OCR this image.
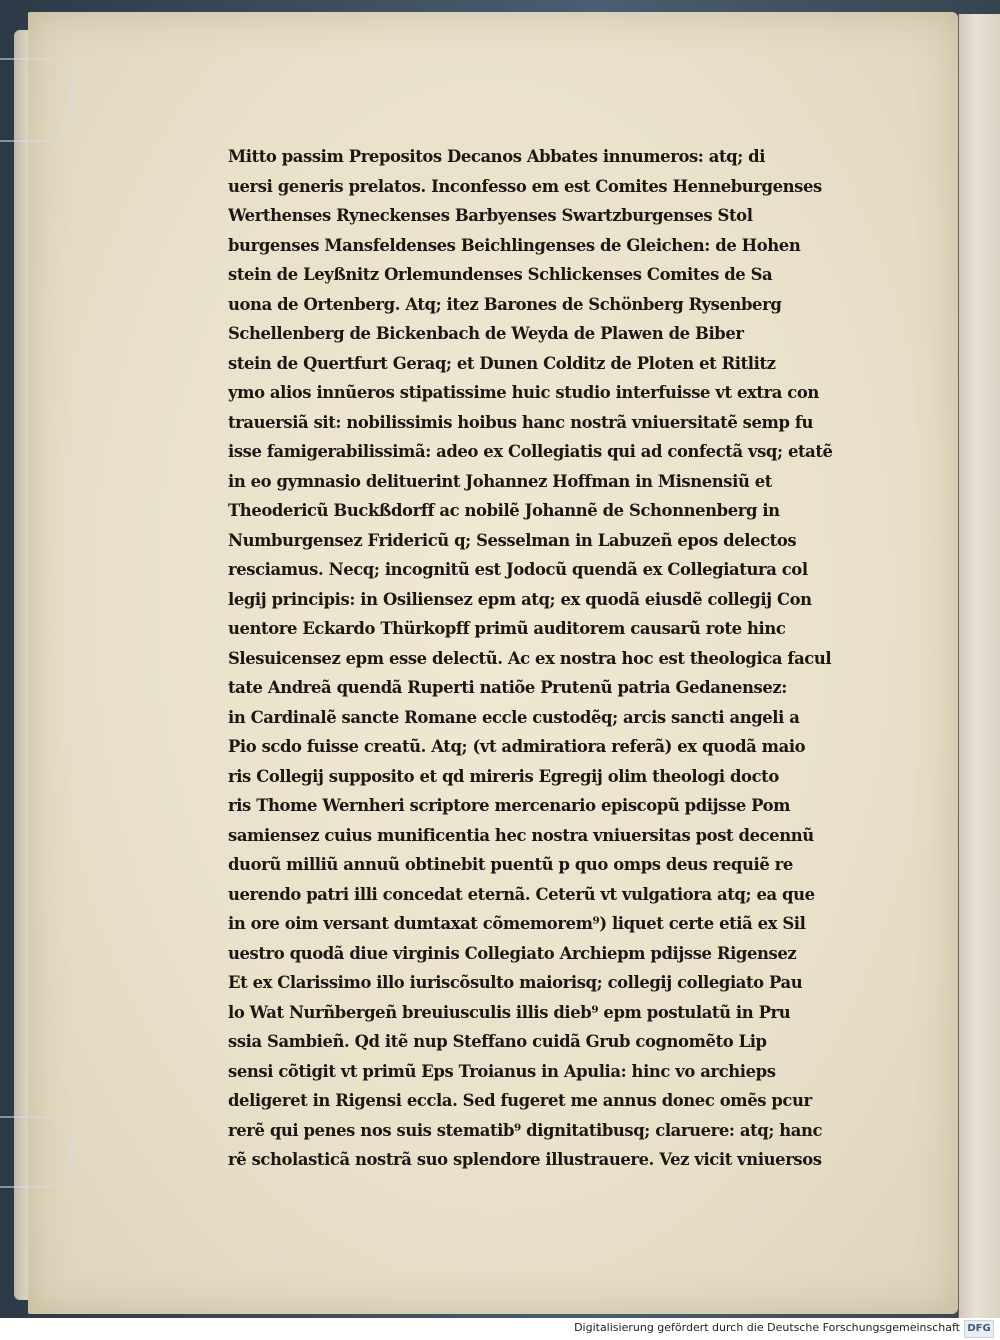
Mitto passim Prepositos Decanos Abbates innumeros: atq; di
uersi generis prelatos. Inconfesso em est Comites Henneburgenses
Werthenses Ryneckenses Barbyenses Swartzburgenses Stol
burgenses Mansfeldenses Beichlingenses de Gleichen: de Hohen
stein de Leyßnitz Orlemundenses Schlickenses Comites de Sa
uona de Ortenberg. Atq; itez Barones de Schönberg Rysenberg
Schellenberg de Bickenbach de Weyda de Plawen de Biber
stein de Quertfurt Geraq; et Dunen Colditz de Ploten et Ritlitz
ymo alios innũeros stipatissime huic studio interfuisse vt extra con
trauersiã sit: nobilissimis hoibus hanc nostrã vniuersitatẽ semp fu
isse famigerabilissimã: adeo ex Collegiatis qui ad confectã vsq; etatẽ
in eo gymnasio delituerint Johannez Hoffman in Misnensiũ et
Theodericũ Buckßdorff ac nobilẽ Johannẽ de Schonnenberg in
Numburgensez Fridericũ q; Sesselman in Labuzeñ epos delectos
resciamus. Necq; incognitũ est Jodocũ quendã ex Collegiatura col
legij principis: in Osiliensez epm atq; ex quodã eiusdẽ collegij Con
uentore Eckardo Thürkopff primũ auditorem causarũ rote hinc
Slesuicensez epm esse delectũ. Ac ex nostra hoc est theologica facul
tate Andreã quendã Ruperti natiõe Prutenũ patria Gedanensez:
in Cardinalẽ sancte Romane eccle custodẽq; arcis sancti angeli a
Pio scdo fuisse creatũ. Atq; (vt admiratiora referã) ex quodã maio
ris Collegij supposito et qd mireris Egregij olim theologi docto
ris Thome Wernheri scriptore mercenario episcopũ pdijsse Pom
samiensez cuius munificentia hec nostra vniuersitas post decennũ
duorũ milliũ annuũ obtinebit puentũ p quo omps deus requiẽ re
uerendo patri illi concedat eternã. Ceterũ vt vulgatiora atq; ea que
in ore oim versant dumtaxat cõmemorem⁹) liquet certe etiã ex Sil
uestro quodã diue virginis Collegiato Archiepm pdijsse Rigensez
Et ex Clarissimo illo iuriscõsulto maiorisq; collegij collegiato Pau
lo Wat Nurñbergeñ breuiusculis illis dieb⁹ epm postulatũ in Pru
ssia Sambieñ. Qd itẽ nup Steffano cuidã Grub cognomẽto Lip
sensi cõtigit vt primũ Eps Troianus in Apulia: hinc vo archieps
deligeret in Rigensi eccla. Sed fugeret me annus donec omẽs pcur
rerẽ qui penes nos suis stematib⁹ dignitatibusq; claruere: atq; hanc
rẽ scholasticã nostrã suo splendore illustrauere. Vez vicit vniuersos
Digitalisierung gefördert durch die Deutsche Forschungsgemeinschaft DFG
